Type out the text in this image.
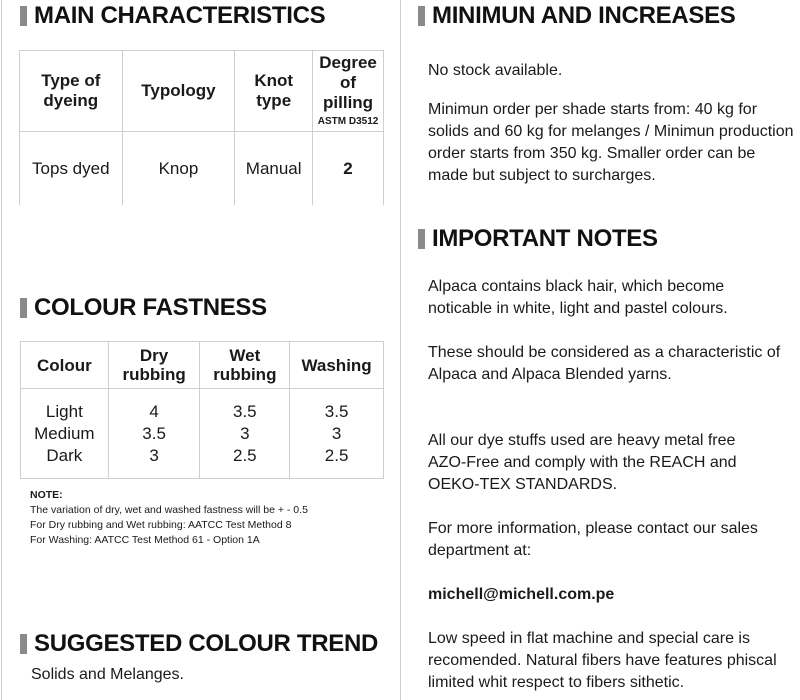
MAIN CHARACTERISTICS
Type of dyeing	Typology	Knot type	Degree of pilling
ASTM D3512

Tops dyed	Knop	Manual	2
COLOUR FASTNESS
Colour	Dry rubbing	Wet rubbing	Washing

Light	4	3.5	3.5
Medium	3.5	3	3
Dark	3	2.5	2.5

NOTE:
The variation of dry, wet and washed fastness will be + - 0.5
For Dry rubbing and Wet rubbing: AATCC Test Method 8
For Washing: AATCC Test Method 61 - Option 1A
SUGGESTED COLOUR TREND
Solids and Melanges.
MINIMUN AND INCREASES
No stock available.
Minimun order per shade starts from: 40 kg for solids and 60 kg for melanges / Minimun production order starts from 350 kg. Smaller order can be made but subject to surcharges.
IMPORTANT NOTES
Alpaca contains black hair, which become noticable in white, light and pastel colours.
These should be considered as a characteristic of Alpaca and Alpaca Blended yarns.
All our dye stuffs used are heavy metal free AZO-Free and comply with the REACH and OEKO-TEX STANDARDS.
For more information, please contact our sales department at:
michell@michell.com.pe
Low speed in flat machine and special care is recomended. Natural fibers have features phiscal limited whit respect to fibers sithetic.
